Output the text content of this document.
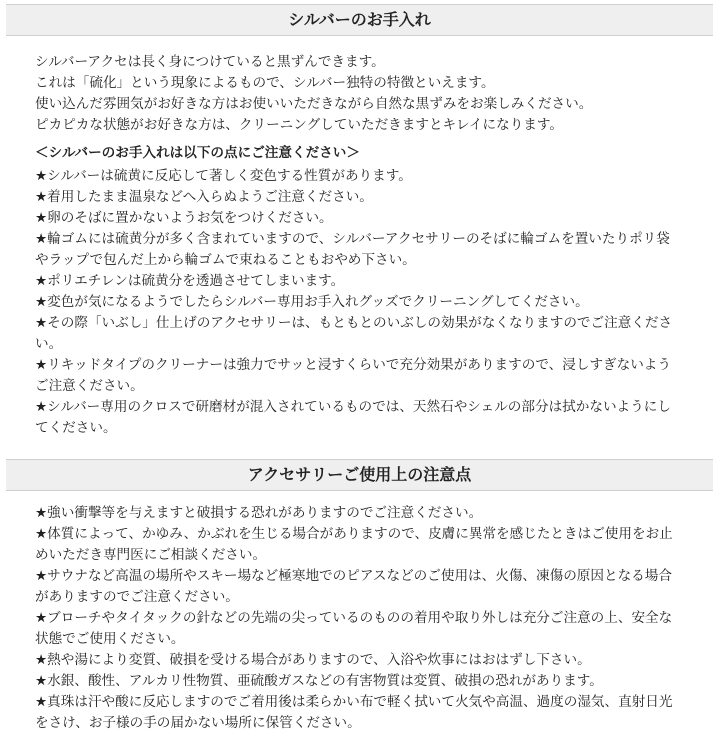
シルバーのお手入れ

シルバーアクセは長く身につけていると黒ずんできます。

これは「硫化」という現象によるもので、シルバー独特の特徴といえます。

使い込んだ雰囲気がお好きな方はお使いいただきながら自然な黒ずみをお楽しみください。

ピカピカな状態がお好きな方は、クリーニングしていただきますとキレイになります。

＜シルバーのお手入れは以下の点にご注意ください＞

★シルバーは硫黄に反応して著しく変色する性質があります。

★着用したまま温泉などへ入らぬようご注意ください。

★卵のそばに置かないようお気をつけください。

★輪ゴムには硫黄分が多く含まれていますので、シルバーアクセサリーのそばに輪ゴムを置いたりポリ袋やラップで包んだ上から輪ゴムで束ねることもおやめ下さい。

★ポリエチレンは硫黄分を透過させてしまいます。

★変色が気になるようでしたらシルバー専用お手入れグッズでクリーニングしてください。

★その際「いぶし」仕上げのアクセサリーは、もともとのいぶしの効果がなくなりますのでご注意ください。

★リキッドタイプのクリーナーは強力でサッと浸すくらいで充分効果がありますので、浸しすぎないようご注意ください。

★シルバー専用のクロスで研磨材が混入されているものでは、天然石やシェルの部分は拭かないようにしてください。

アクセサリーご使用上の注意点

★強い衝撃等を与えますと破損する恐れがありますのでご注意ください。

★体質によって、かゆみ、かぶれを生じる場合がありますので、皮膚に異常を感じたときはご使用をお止めいただき専門医にご相談ください。

★サウナなど高温の場所やスキー場など極寒地でのピアスなどのご使用は、火傷、凍傷の原因となる場合がありますのでご注意ください。

★ブローチやタイタックの針などの先端の尖っているのものの着用や取り外しは充分ご注意の上、安全な状態でご使用ください。

★熱や湯により変質、破損を受ける場合がありますので、入浴や炊事にはおはずし下さい。

★水銀、酸性、アルカリ性物質、亜硫酸ガスなどの有害物質は変質、破損の恐れがあります。

★真珠は汗や酸に反応しますのでご着用後は柔らかい布で軽く拭いて火気や高温、過度の湿気、直射日光をさけ、お子様の手の届かない場所に保管ください。
